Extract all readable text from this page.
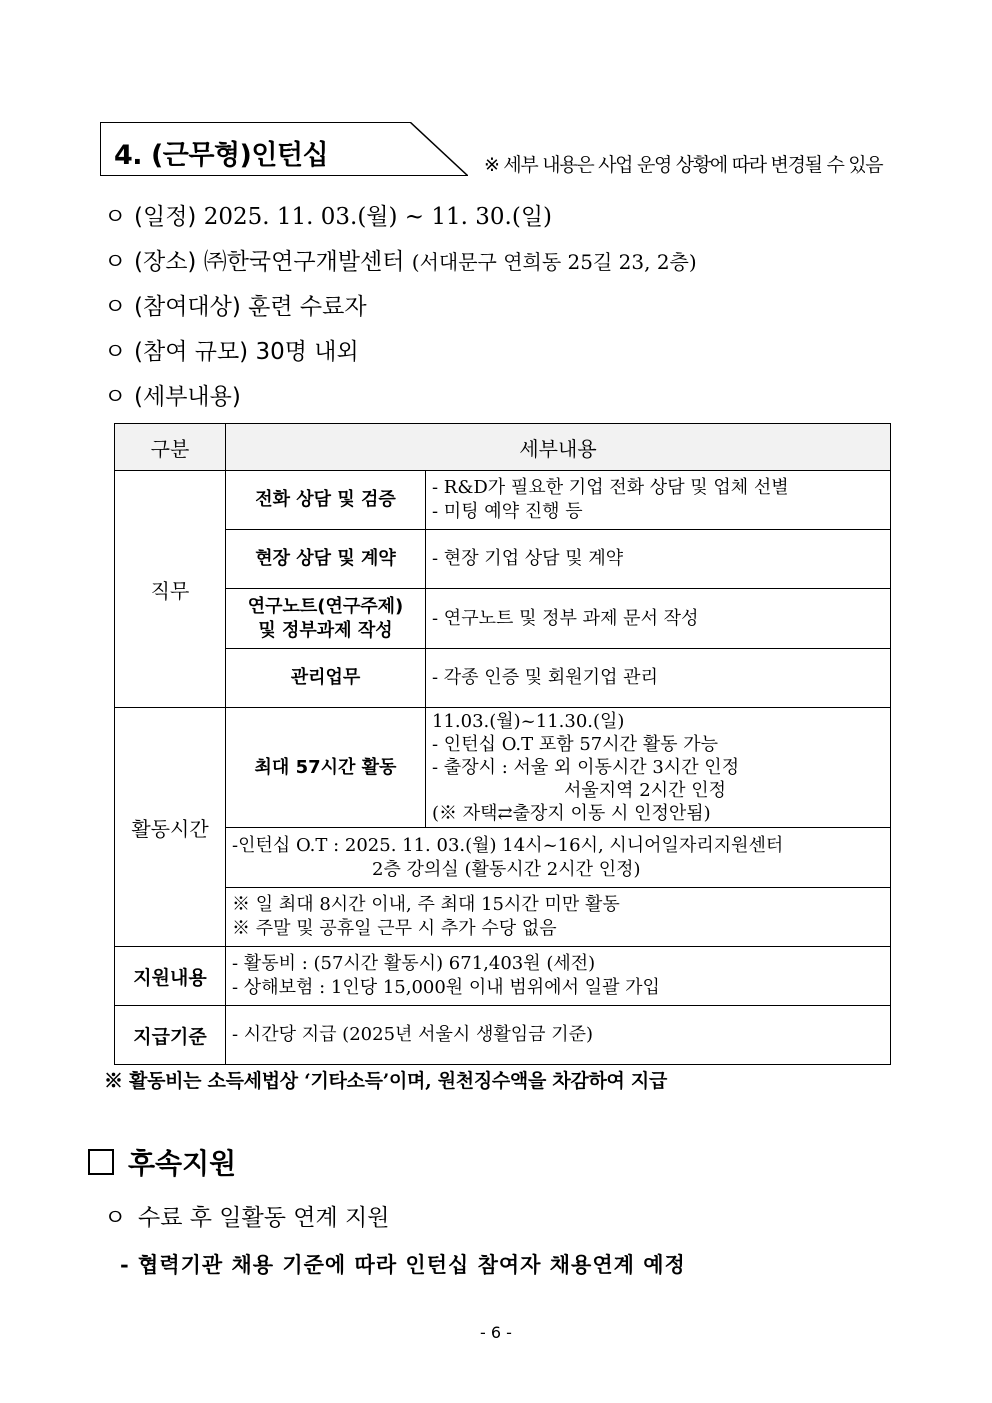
4. (근무형)인턴십	※ 세부 내용은 사업 운영 상황에 따라 변경될 수 있음
ㅇ (일정) 2025. 11. 03.(월) ~ 11. 30.(일)
ㅇ (장소) ㈜한국연구개발센터 (서대문구 연희동 25길 23, 2층)
ㅇ (참여대상) 훈련 수료자
ㅇ (참여 규모) 30명 내외
ㅇ (세부내용)
구분	세부내용	
직무	전화 상담 및 검증	- R&D가 필요한 기업 전화 상담 및 업체 선별
- 미팅 예약 진행 등

	현장 상담 및 계약	- 현장 기업 상담 및 계약

	연구노트(연구주제)
및 정부과제 작성	- 연구노트 및 정부 과제 문서 작성

	관리업무	- 각종 인증 및 회원기업 관리

활동시간	최대 57시간 활동	11.03.(월)~11.30.(일)
- 인턴십 O.T 포함 57시간 활동 가능
- 출장시 : 서울 외 이동시간 3시간 인정
서울지역 2시간 인정
(※ 자택⇄출장지 이동 시 인정안됨)

	-인턴십 O.T : 2025. 11. 03.(월) 14시~16시, 시니어일자리지원센터
2층 강의실 (활동시간 2시간 인정)	

	※ 일 최대 8시간 이내, 주 최대 15시간 미만 활동
※ 주말 및 공휴일 근무 시 추가 수당 없음	

지원내용	- 활동비 : (57시간 활동시) 671,403원 (세전)
- 상해보험 : 1인당 15,000원 이내 범위에서 일괄 가입	

지급기준	- 시간당 지급 (2025년 서울시 생활임금 기준)	
※ 활동비는 소득세법상 ‘기타소득’이며, 원천징수액을 차감하여 지급
후속지원
ㅇ 수료 후 일활동 연계 지원
- 협력기관 채용 기준에 따라 인턴십 참여자 채용연계 예정
- 6 -
